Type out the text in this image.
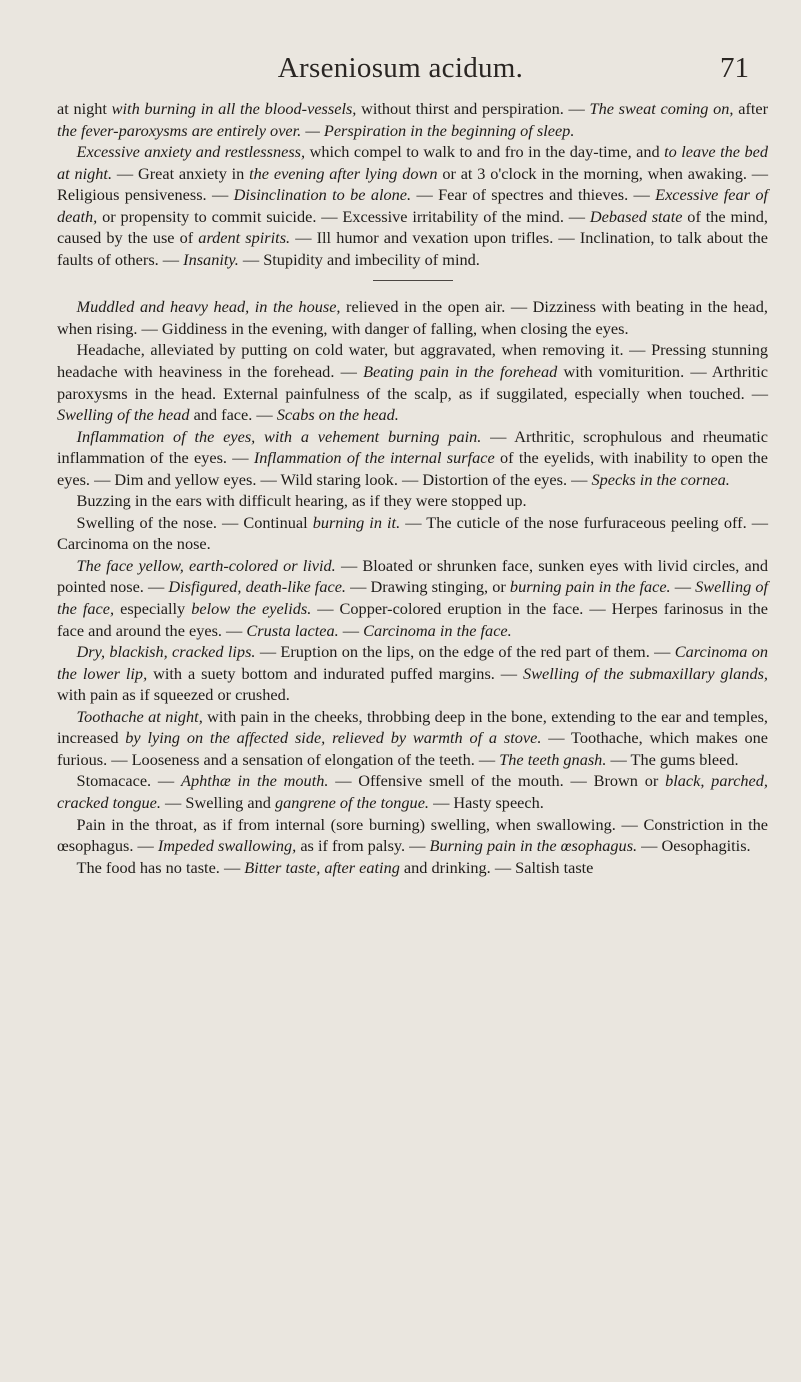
Arseniosum acidum.	71

at night with burning in all the blood-vessels, without thirst and perspiration. — The sweat coming on, after the fever-paroxysms are entirely over. — Perspiration in the beginning of sleep.

Excessive anxiety and restlessness, which compel to walk to and fro in the day-time, and to leave the bed at night. — Great anxiety in the evening after lying down or at 3 o'clock in the morning, when awaking. — Religious pensiveness. — Disinclination to be alone. — Fear of spectres and thieves. — Excessive fear of death, or propensity to commit suicide. — Excessive irritability of the mind. — Debased state of the mind, caused by the use of ardent spirits. — Ill humor and vexation upon trifles. — Inclination, to talk about the faults of others. — Insanity. — Stupidity and imbecility of mind.

Muddled and heavy head, in the house, relieved in the open air. — Dizziness with beating in the head, when rising. — Giddiness in the evening, with danger of falling, when closing the eyes.

Headache, alleviated by putting on cold water, but aggravated, when removing it. — Pressing stunning headache with heaviness in the forehead. — Beating pain in the forehead with vomiturition. — Arthritic paroxysms in the head. External painfulness of the scalp, as if suggilated, especially when touched. — Swelling of the head and face. — Scabs on the head.

Inflammation of the eyes, with a vehement burning pain. — Arthritic, scrophulous and rheumatic inflammation of the eyes. — Inflammation of the internal surface of the eyelids, with inability to open the eyes. — Dim and yellow eyes. — Wild staring look. — Distortion of the eyes. — Specks in the cornea.

Buzzing in the ears with difficult hearing, as if they were stopped up.

Swelling of the nose. — Continual burning in it. — The cuticle of the nose furfuraceous peeling off. — Carcinoma on the nose.

The face yellow, earth-colored or livid. — Bloated or shrunken face, sunken eyes with livid circles, and pointed nose. — Disfigured, death-like face. — Drawing stinging, or burning pain in the face. — Swelling of the face, especially below the eyelids. — Copper-colored eruption in the face. — Herpes farinosus in the face and around the eyes. — Crusta lactea. — Carcinoma in the face.

Dry, blackish, cracked lips. — Eruption on the lips, on the edge of the red part of them. — Carcinoma on the lower lip, with a suety bottom and indurated puffed margins. — Swelling of the submaxillary glands, with pain as if squeezed or crushed.

Toothache at night, with pain in the cheeks, throbbing deep in the bone, extending to the ear and temples, increased by lying on the affected side, relieved by warmth of a stove. — Toothache, which makes one furious. — Looseness and a sensation of elongation of the teeth. — The teeth gnash. — The gums bleed.

Stomacace. — Aphthæ in the mouth. — Offensive smell of the mouth. — Brown or black, parched, cracked tongue. — Swelling and gangrene of the tongue. — Hasty speech.

Pain in the throat, as if from internal (sore burning) swelling, when swallowing. — Constriction in the œsophagus. — Impeded swallowing, as if from palsy. — Burning pain in the œsophagus. — Oesophagitis.

The food has no taste. — Bitter taste, after eating and drinking. — Saltish taste
